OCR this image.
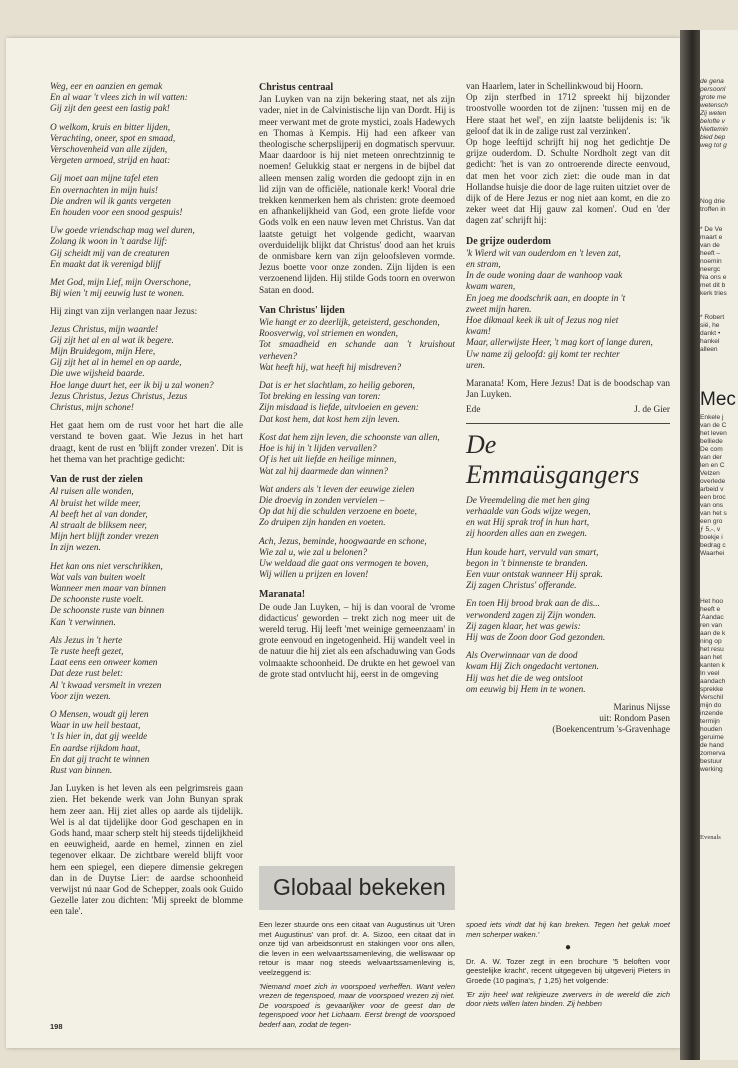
Weg, eer en aanzien en gemak
En al waar 't vlees zich in wil vatten:
Gij zijt den geest een lastig pak!
O welkom, kruis en bitter lijden,
Verachting, oneer, spot en smaad,
Verschovenheid van alle zijden,
Vergeten armoed, strijd en haat:
Gij moet aan mijne tafel eten
En overnachten in mijn huis!
Die andren wil ik gants vergeten
En houden voor een snood gespuis!
Uw goede vriendschap mag wel duren,
Zolang ik woon in 't aardse lijf:
Gij scheidt mij van de creaturen
En maakt dat ik verenigd blijf
Met God, mijn Lief, mijn Overschone,
Bij wien 't mij eeuwig lust te wonen.

Hij zingt van zijn verlangen naar Jezus:

Jezus Christus, mijn waarde!
Gij zijt het al en al wat ik begere.
Mijn Bruidegom, mijn Here,
Gij zijt het al in hemel en op aarde,
Die uwe wijsheid baarde.
Hoe lange duurt het, eer ik bij u zal wonen?
Jezus Christus, Jezus Christus, Jezus
Christus, mijn schone!

Het gaat hem om de rust voor het hart die alle verstand te boven gaat. Wie Jezus in het hart draagt, kent de rust en 'blijft zonder vrezen'. Dit is het thema van het prachtige gedicht:

Van de rust der zielen
Al ruisen alle wonden,
Al bruist het wilde meer,
Al beeft het al van donder,
Al straalt de bliksem neer,
Mijn hert blijft zonder vrezen
In zijn wezen.
Het kan ons niet verschrikken,
Wat vals van buiten woelt
Wanneer men maar van binnen
De schoonste ruste voelt.
De schoonste ruste van binnen
Kan 't verwinnen.
Als Jezus in 't herte
Te ruste heeft gezet,
Laat eens een onweer komen
Dat deze rust belet:
Al 't kwaad versmelt in vrezen
Voor zijn wezen.
O Mensen, woudt gij leren
Waar in uw heil bestaat,
't Is hier in, dat gij weelde
En aardse rijkdom haat,
En dat gij tracht te winnen
Rust van binnen.

Jan Luyken is het leven als een pelgrimsreis gaan zien. Het bekende werk van John Bunyan sprak hem zeer aan. Hij ziet alles op aarde als tijdelijk. Wel is al dat tijdelijke door God geschapen en in Gods hand, maar scherp stelt hij steeds tijdelijkheid en eeuwigheid, aarde en hemel, zinnen en ziel tegenover elkaar. De zichtbare wereld blijft voor hem een spiegel, een diepere dimensie gekregen dan in de Duytse Lier: de aardse schoonheid verwijst nú naar God de Schepper, zoals ook Guido Gezelle later zou dichten: 'Mij spreekt de blomme een tale'.

Christus centraal

Jan Luyken van na zijn bekering staat, net als zijn vader, niet in de Calvinistische lijn van Dordt. Hij is meer verwant met de grote mystici, zoals Hadewych en Thomas à Kempis. Hij had een afkeer van theologische scherpslijperij en dogmatisch spervuur. Maar daardoor is hij niet meteen onrechtzinnig te noemen! Gelukkig staat er nergens in de bijbel dat alleen mensen zalig worden die gedoopt zijn in en lid zijn van de officiële, nationale kerk! Vooral drie trekken kenmerken hem als christen: grote deemoed en afhankelijkheid van God, een grote liefde voor Gods volk en een nauw leven met Christus. Van dat laatste getuigt het volgende gedicht, waarvan overduidelijk blijkt dat Christus' dood aan het kruis de onmisbare kern van zijn geloofsleven vormde. Jezus boette voor onze zonden. Zijn lijden is een verzoenend lijden. Hij stilde Gods toorn en overwon Satan en dood.

Van Christus' lijden
Wie hangt er zo deerlijk, geteisterd, geschonden,
Roosverwig, vol striemen en wonden,
Tot smaadheid en schande aan 't kruishout verheven?
Wat heeft hij, wat heeft hij misdreven?
Dat is er het slachtlam, zo heilig geboren,
Tot breking en lessing van toren:
Zijn misdaad is liefde, uitvloeien en geven:
Dat kost hem, dat kost hem zijn leven.
Kost dat hem zijn leven, die schoonste van allen,
Hoe is hij in 't lijden vervallen?
Of is het uit liefde en heilige minnen,
Wat zal hij daarmede dan winnen?
Wat anders als 't leven der eeuwige zielen
Die droevig in zonden vervielen –
Op dat hij die schulden verzoene en boete,
Zo druipen zijn handen en voeten.
Ach, Jezus, beminde, hoogwaarde en schone,
Wie zal u, wie zal u belonen?
Uw weldaad die gaat ons vermogen te boven,
Wij willen u prijzen en loven!
Maranata!

De oude Jan Luyken, – hij is dan vooral de 'vrome didacticus' geworden – trekt zich nog meer uit de wereld terug. Hij leeft 'met weinige gemeenzaam' in grote eenvoud en ingetogenheid. Hij wandelt veel in de natuur die hij ziet als een afschaduwing van Gods volmaakte schoonheid. De drukte en het gewoel van de grote stad ontvlucht hij, eerst in de omgeving

van Haarlem, later in Schellinkwoud bij Hoorn.

Op zijn sterfbed in 1712 spreekt hij bijzonder troostvolle woorden tot de zijnen: 'tussen mij en de Here staat het wel', en zijn laatste belijdenis is: 'ik geloof dat ik in de zalige rust zal verzinken'.

Op hoge leeftijd schrijft hij nog het gedichtje De grijze ouderdom. D. Schulte Nordholt zegt van dit gedicht: 'het is van zo ontroerende directe eenvoud, dat men het voor zich ziet: die oude man in dat Hollandse huisje die door de lage ruiten uitziet over de dijk of de Here Jezus er nog niet aan komt, en die zo zeker weet dat Hij gauw zal komen'. Oud en 'der dagen zat' schrijft hij:

De grijze ouderdom
'k Wierd wit van ouderdom en 't leven zat,
en stram,
In de oude woning daar de wanhoop vaak
kwam waren,
En joeg me doodschrik aan, en doopte in 't
zweet mijn haren.
Hoe dikmaal keek ik uit of Jezus nog niet
kwam!
Maar, allerwijste Heer, 't mag kort of lange duren,
Uw name zij geloofd: gij komt ter rechter
uren.

Maranata! Kom, Here Jezus! Dat is de boodschap van Jan Luyken.

Ede	J. de Gier
De Emmaüsgangers
De Vreemdeling die met hen ging
verhaalde van Gods wijze wegen,
en wat Hij sprak trof in hun hart,
zij hoorden alles aan en zwegen.
Hun koude hart, vervuld van smart,
begon in 't binnenste te branden.
Een vuur ontstak wanneer Hij sprak.
Zij zagen Christus' offerande.
En toen Hij brood brak aan de dis...
verwonderd zagen zij Zijn wonden.
Zij zagen klaar, het was gewis:
Hij was de Zoon door God gezonden.
Als Overwinnaar van de dood
kwam Hij Zich ongedacht vertonen.
Hij was het die de weg ontsloot
om eeuwig bij Hem in te wonen.
Marinus Nijsse
uit: Rondom Pasen
(Boekencentrum 's-Gravenhage
Globaal bekeken

Een lezer stuurde ons een citaat van Augustinus uit 'Uren met Augustinus' van prof. dr. A. Sizoo, een citaat dat in onze tijd van arbeidsonrust en stakingen voor ons allen, die leven in een welvaartssamenleving, die welliswaar op retour is maar nog steeds welvaartssamenleving is, veelzeggend is:

'Niemand moet zich in voorspoed verheffen. Want velen vrezen de tegenspoed, maar de voorspoed vrezen zij niet. De voorspoed is gevaarlijker voor de geest dan de tegenspoed voor het Lichaam. Eerst brengt de voorspoed bederf aan, zodat de tegen-

spoed iets vindt dat hij kan breken. Tegen het geluk moet men scherper waken.'

●

Dr. A. W. Tozer zegt in een brochure '5 beloften voor geestelijke kracht', recent uitgegeven bij uitgeverij Pieters in Groede (10 pagina's, ƒ 1,25) het volgende:

'Er zijn heel wat religieuze zwervers in de wereld die zich door niets willen laten binden. Zij hebben

198

de gena

persoonl

grote me

wetensch

Zij weten

belofte v

Niettemin

bied bep

weg tot g

Nog drie

troffen in

* De Ve

maart e

van de

heeft –

noemin

neergc

Na ons e

met dit b

kerk tries

* Robert

sië, he

dankt •

hankel

alleen

Mec

Enkele j

van de C

het leven

belliede

De com

van der

len en C

Velzen

overlede

arbeid v

een broc

van ons

van het s

een gro

ƒ 5,-, v

boekje i

bedrag c

Waarhei

Het hoo

heeft e

'Aandac

ren van

aan de k

ning op

het resu

aan het

kanten k

In veel

aandach

sprekke

Verschil

mijn do

inzende

termijn

houden

geruime

de hand

zomerva

bestuur

werking

Evenals
